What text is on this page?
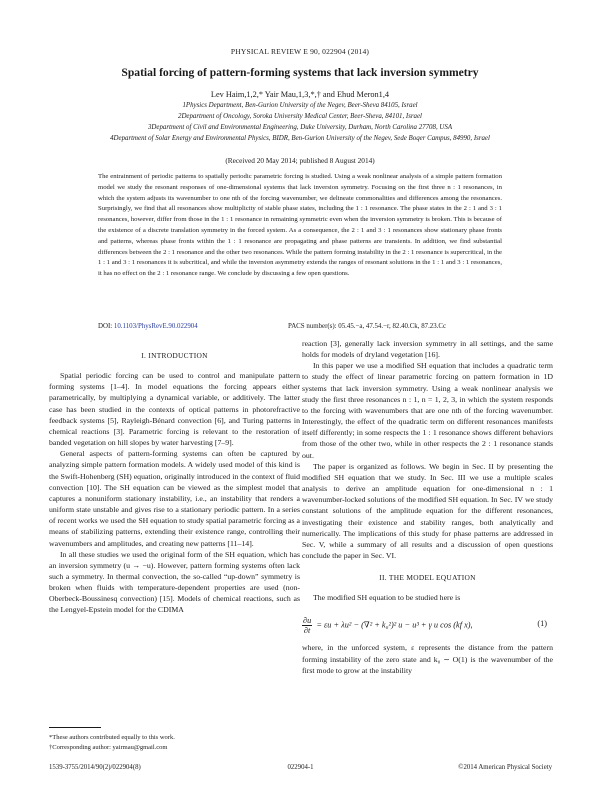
PHYSICAL REVIEW E 90, 022904 (2014)
Spatial forcing of pattern-forming systems that lack inversion symmetry
Lev Haim,1,2,* Yair Mau,1,3,*,† and Ehud Meron1,4
1Physics Department, Ben-Gurion University of the Negev, Beer-Sheva 84105, Israel
2Department of Oncology, Soroka University Medical Center, Beer-Sheva, 84101, Israel
3Department of Civil and Environmental Engineering, Duke University, Durham, North Carolina 27708, USA
4Department of Solar Energy and Environmental Physics, BIDR, Ben-Gurion University of the Negev, Sede Boqer Campus, 84990, Israel
(Received 20 May 2014; published 8 August 2014)

The entrainment of periodic patterns to spatially periodic parametric forcing is studied. Using a weak nonlinear analysis of a simple pattern formation model we study the resonant responses of one-dimensional systems that lack inversion symmetry. Focusing on the first three n : 1 resonances, in which the system adjusts its wavenumber to one nth of the forcing wavenumber, we delineate commonalities and differences among the resonances. Surprisingly, we find that all resonances show multiplicity of stable phase states, including the 1 : 1 resonance. The phase states in the 2 : 1 and 3 : 1 resonances, however, differ from those in the 1 : 1 resonance in remaining symmetric even when the inversion symmetry is broken. This is because of the existence of a discrete translation symmetry in the forced system. As a consequence, the 2 : 1 and 3 : 1 resonances show stationary phase fronts and patterns, whereas phase fronts within the 1 : 1 resonance are propagating and phase patterns are transients. In addition, we find substantial differences between the 2 : 1 resonance and the other two resonances. While the pattern forming instability in the 2 : 1 resonance is supercritical, in the 1 : 1 and 3 : 1 resonances it is subcritical, and while the inversion asymmetry extends the ranges of resonant solutions in the 1 : 1 and 3 : 1 resonances, it has no effect on the 2 : 1 resonance range. We conclude by discussing a few open questions.

DOI: 10.1103/PhysRevE.90.022904	PACS number(s): 05.45.−a, 47.54.−r, 82.40.Ck, 87.23.Cc
I. INTRODUCTION

Spatial periodic forcing can be used to control and manipulate pattern forming systems [1–4]. In model equations the forcing appears either parametrically, by multiplying a dynamical variable, or additively. The latter case has been studied in the contexts of optical patterns in photorefractive feedback systems [5], Rayleigh-Bénard convection [6], and Turing patterns in chemical reactions [3]. Parametric forcing is relevant to the restoration of banded vegetation on hill slopes by water harvesting [7–9].

General aspects of pattern-forming systems can often be captured by analyzing simple pattern formation models. A widely used model of this kind is the Swift-Hohenberg (SH) equation, originally introduced in the context of fluid convection [10]. The SH equation can be viewed as the simplest model that captures a nonuniform stationary instability, i.e., an instability that renders a uniform state unstable and gives rise to a stationary periodic pattern. In a series of recent works we used the SH equation to study spatial parametric forcing as a means of stabilizing patterns, extending their existence range, controlling their wavenumbers and amplitudes, and creating new patterns [11–14].

In all these studies we used the original form of the SH equation, which has an inversion symmetry (u → −u). However, pattern forming systems often lack such a symmetry. In thermal convection, the so-called “up-down” symmetry is broken when fluids with temperature-dependent properties are used (non-Oberbeck-Boussinesq convection) [15]. Models of chemical reactions, such as the Lengyel-Epstein model for the CDIMA

reaction [3], generally lack inversion symmetry in all settings, and the same holds for models of dryland vegetation [16].

In this paper we use a modified SH equation that includes a quadratic term to study the effect of linear parametric forcing on pattern formation in 1D systems that lack inversion symmetry. Using a weak nonlinear analysis we study the first three resonances n : 1, n = 1, 2, 3, in which the system responds to the forcing with wavenumbers that are one nth of the forcing wavenumber. Interestingly, the effect of the quadratic term on different resonances manifests itself differently; in some respects the 1 : 1 resonance shows different behaviors from those of the other two, while in other respects the 2 : 1 resonance stands out.

The paper is organized as follows. We begin in Sec. II by presenting the modified SH equation that we study. In Sec. III we use a multiple scales analysis to derive an amplitude equation for one-dimensional n : 1 wavenumber-locked solutions of the modified SH equation. In Sec. IV we study constant solutions of the amplitude equation for the different resonances, investigating their existence and stability ranges, both analytically and numerically. The implications of this study for phase patterns are addressed in Sec. V, while a summary of all results and a discussion of open questions conclude the paper in Sec. VI.

II. THE MODEL EQUATION

The modified SH equation to be studied here is

$\frac{\partial u}{\partial t} = \varepsilon u + \lambda u^2 - (\nabla^2 + k_0^2)^2$ u − u³ + γ u cos (kf x),	(1)

where, in the unforced system, ε represents the distance from the pattern forming instability of the zero state and k₀ ∼ O(1) is the wavenumber of the first mode to grow at the instability

*These authors contributed equally to this work.
†Corresponding author: yairmau@gmail.com
1539-3755/2014/90(2)/022904(8)	022904-1	©2014 American Physical Society
